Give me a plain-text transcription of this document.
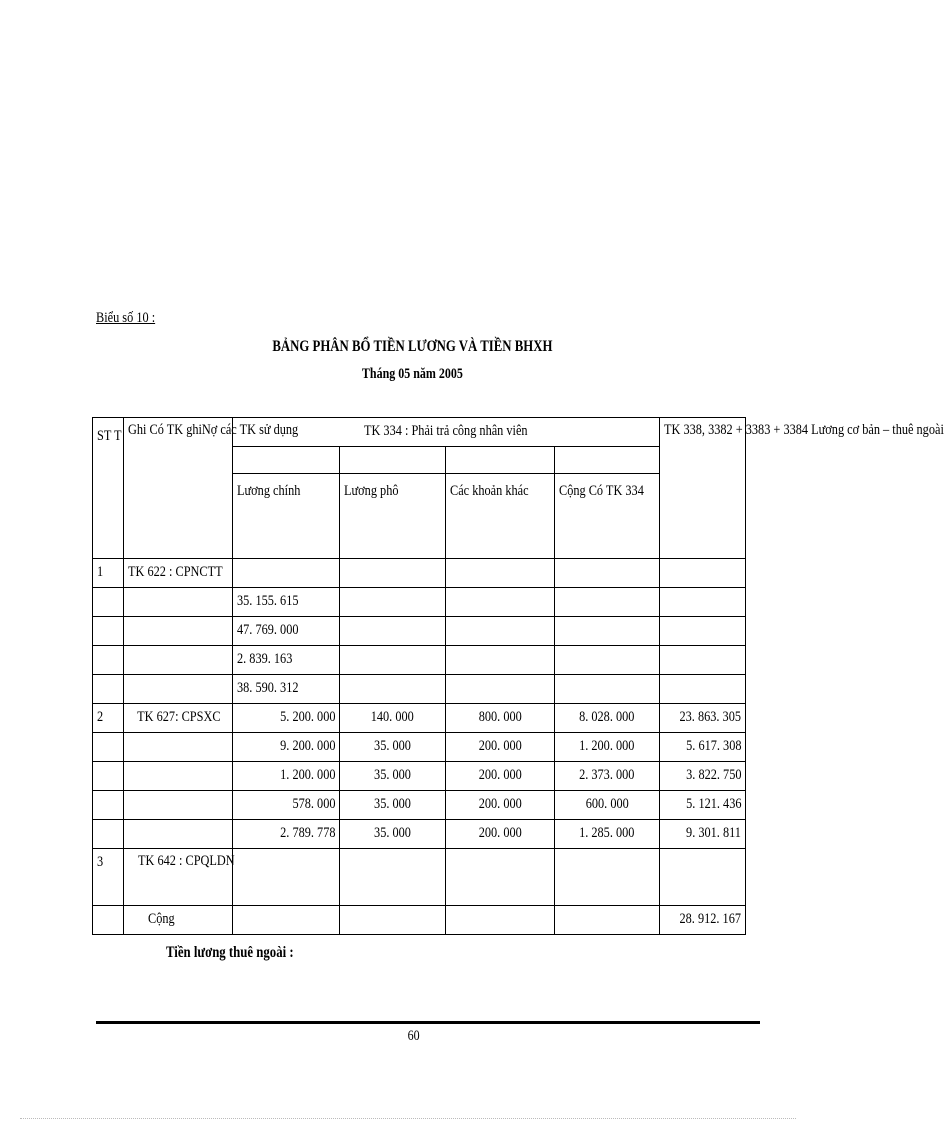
Biểu số 10 :
BẢNG PHÂN BỔ TIỀN LƯƠNG VÀ TIỀN BHXH
Tháng 05 năm 2005
ST T	Ghi Có TK ghiNợ các TK sử dụng	TK 334 : Phải trả công nhân viên				TK 338, 3382 + 3383 + 3384 Lương cơ bản – thuê ngoài

		Lương chính	Lương phô	Các khoản khác	Cộng Có TK 334	

1	TK 622 : CPNCTT					
		35. 155. 615				
		47. 769. 000				
		2. 839. 163				
		38. 590. 312				
2	TK 627: CPSXC	5. 200. 000	140. 000	800. 000	8. 028. 000	23. 863. 305
		9. 200. 000	35. 000	200. 000	1. 200. 000	5. 617. 308
		1. 200. 000	35. 000	200. 000	2. 373. 000	3. 822. 750
		578. 000	35. 000	200. 000	600. 000	5. 121. 436
		2. 789. 778	35. 000	200. 000	1. 285. 000	9. 301. 811
3	TK 642 : CPQLDN					

	Cộng					28. 912. 167
Tiền lương thuê ngoài :
60
